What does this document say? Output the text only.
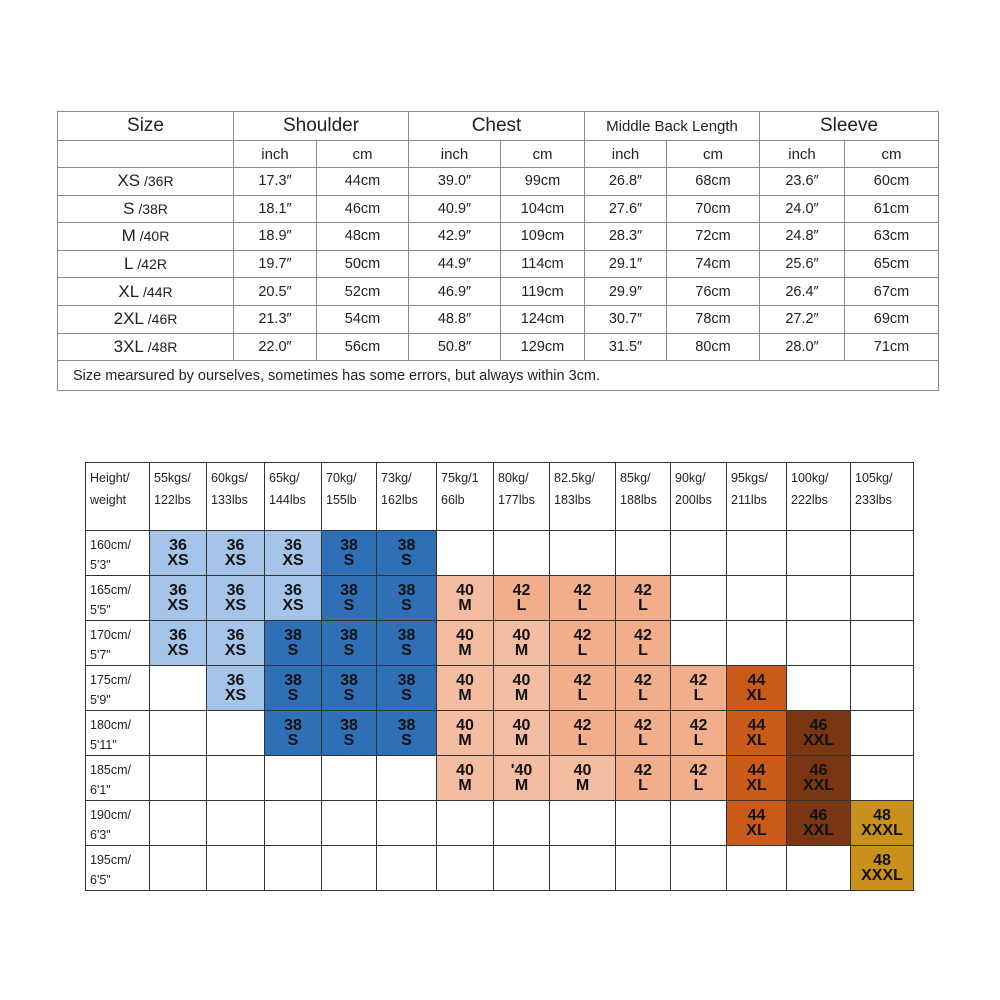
Size	Shoulder		Chest		Middle Back Length		Sleeve	
	inch	cm	inch	cm	inch	cm	inch	cm
XS /36R	17.3″	44cm	39.0″	99cm	26.8″	68cm	23.6″	60cm
S /38R	18.1″	46cm	40.9″	104cm	27.6″	70cm	24.0″	61cm
M /40R	18.9″	48cm	42.9″	109cm	28.3″	72cm	24.8″	63cm
L /42R	19.7″	50cm	44.9″	114cm	29.1″	74cm	25.6″	65cm
XL /44R	20.5″	52cm	46.9″	119cm	29.9″	76cm	26.4″	67cm
2XL /46R	21.3″	54cm	48.8″	124cm	30.7″	78cm	27.2″	69cm
3XL /48R	22.0″	56cm	50.8″	129cm	31.5″	80cm	28.0″	71cm
Size mearsured by ourselves, sometimes has some errors, but always within 3cm.								
Height/
weight	55kgs/
122lbs	60kgs/
133lbs	65kg/
144lbs	70kg/
155lb	73kg/
162lbs	75kg/1
66lb	80kg/
177lbs	82.5kg/
183lbs	85kg/
188lbs	90kg/
200lbs	95kgs/
211lbs	100kg/
222lbs	105kg/
233lbs

160cm/
5'3"	36
XS	36
XS	36
XS	38
S	38
S								

165cm/
5'5"	36
XS	36
XS	36
XS	38
S	38
S	40
M	42
L	42
L	42
L				

170cm/
5'7"	36
XS	36
XS	38
S	38
S	38
S	40
M	40
M	42
L	42
L				

175cm/
5'9"		36
XS	38
S	38
S	38
S	40
M	40
M	42
L	42
L	42
L	44
XL		

180cm/
5'11"			38
S	38
S	38
S	40
M	40
M	42
L	42
L	42
L	44
XL	46
XXL	

185cm/
6'1"						40
M	'40
M	40
M	42
L	42
L	44
XL	46
XXL	

190cm/
6'3"											44
XL	46
XXL	48
XXXL

195cm/
6'5"													48
XXXL
